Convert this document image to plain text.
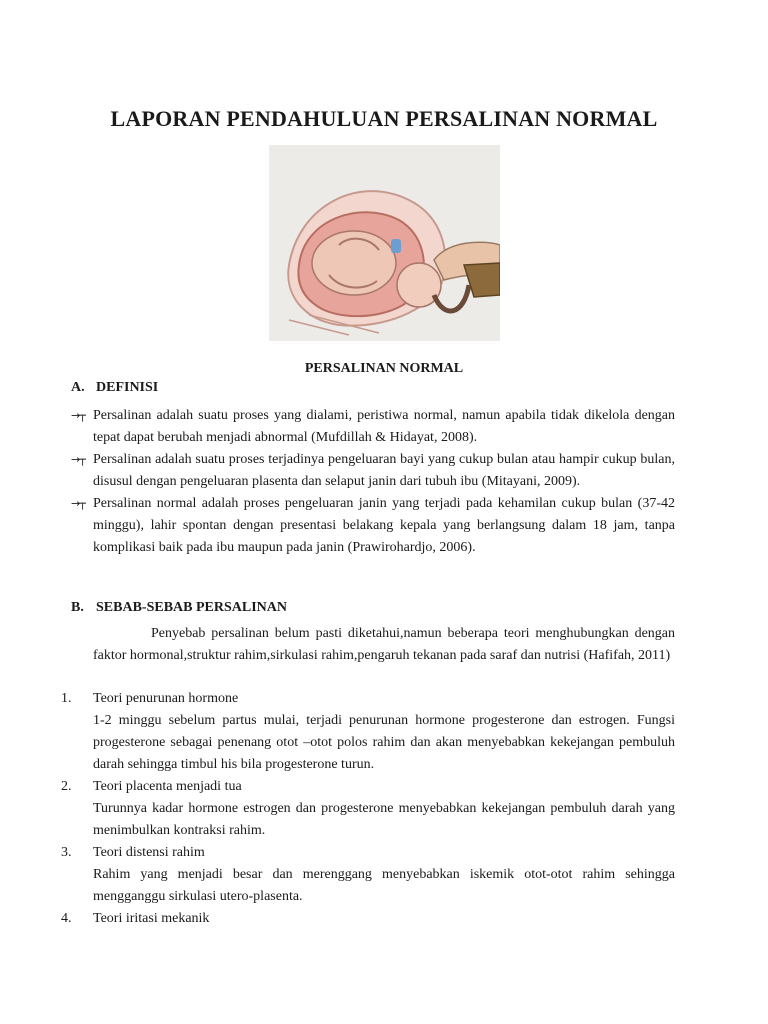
LAPORAN PENDAHULUAN PERSALINAN NORMAL
PERSALINAN NORMAL
A. DEFINISI
→┬ Persalinan adalah suatu proses yang dialami, peristiwa normal, namun apabila tidak dikelola dengan tepat dapat berubah menjadi abnormal (Mufdillah & Hidayat, 2008).
→┬ Persalinan adalah suatu proses terjadinya pengeluaran bayi yang cukup bulan atau hampir cukup bulan, disusul dengan pengeluaran plasenta dan selaput janin dari tubuh ibu (Mitayani, 2009).
→┬ Persalinan normal adalah proses pengeluaran janin yang terjadi pada kehamilan cukup bulan (37-42 minggu), lahir spontan dengan presentasi belakang kepala yang berlangsung dalam 18 jam, tanpa komplikasi baik pada ibu maupun pada janin (Prawirohardjo, 2006).
B. SEBAB-SEBAB PERSALINAN
Penyebab persalinan belum pasti diketahui,namun beberapa teori menghubungkan dengan faktor hormonal,struktur rahim,sirkulasi rahim,pengaruh tekanan pada saraf dan nutrisi (Hafifah, 2011)
1.	Teori penurunan hormone
1-2 minggu sebelum partus mulai, terjadi penurunan hormone progesterone dan estrogen. Fungsi progesterone sebagai penenang otot –otot polos rahim dan akan menyebabkan kekejangan pembuluh darah sehingga timbul his bila progesterone turun.
2.	Teori placenta menjadi tua
Turunnya kadar hormone estrogen dan progesterone menyebabkan kekejangan pembuluh darah yang menimbulkan kontraksi rahim.
3.	Teori distensi rahim
Rahim yang menjadi besar dan merenggang menyebabkan iskemik otot-otot rahim sehingga mengganggu sirkulasi utero-plasenta.
4.	Teori iritasi mekanik
